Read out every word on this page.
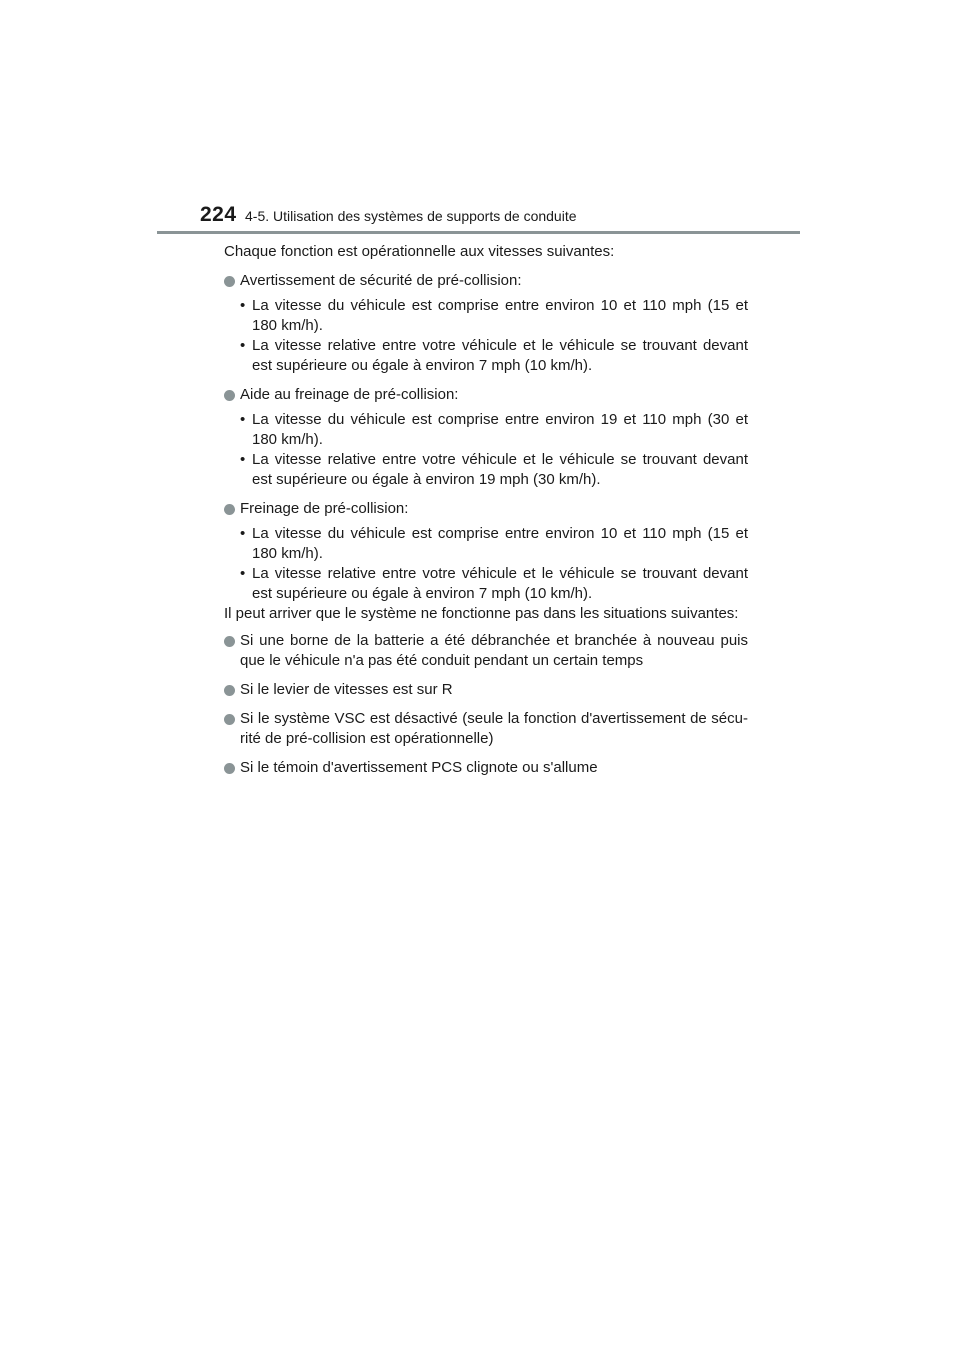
224 4-5. Utilisation des systèmes de supports de conduite

Chaque fonction est opérationnelle aux vitesses suivantes:

Avertissement de sécurité de pré-collision:
• La vitesse du véhicule est comprise entre environ 10 et 110 mph (15 et 180 km/h).
• La vitesse relative entre votre véhicule et le véhicule se trouvant devant est supérieure ou égale à environ 7 mph (10 km/h).
Aide au freinage de pré-collision:
• La vitesse du véhicule est comprise entre environ 19 et 110 mph (30 et 180 km/h).
• La vitesse relative entre votre véhicule et le véhicule se trouvant devant est supérieure ou égale à environ 19 mph (30 km/h).
Freinage de pré-collision:
• La vitesse du véhicule est comprise entre environ 10 et 110 mph (15 et 180 km/h).
• La vitesse relative entre votre véhicule et le véhicule se trouvant devant est supérieure ou égale à environ 7 mph (10 km/h).

Il peut arriver que le système ne fonctionne pas dans les situations suivantes:

Si une borne de la batterie a été débranchée et branchée à nouveau puis que le véhicule n'a pas été conduit pendant un certain temps
Si le levier de vitesses est sur R
Si le système VSC est désactivé (seule la fonction d'avertissement de sécu-rité de pré-collision est opérationnelle)
Si le témoin d'avertissement PCS clignote ou s'allume
